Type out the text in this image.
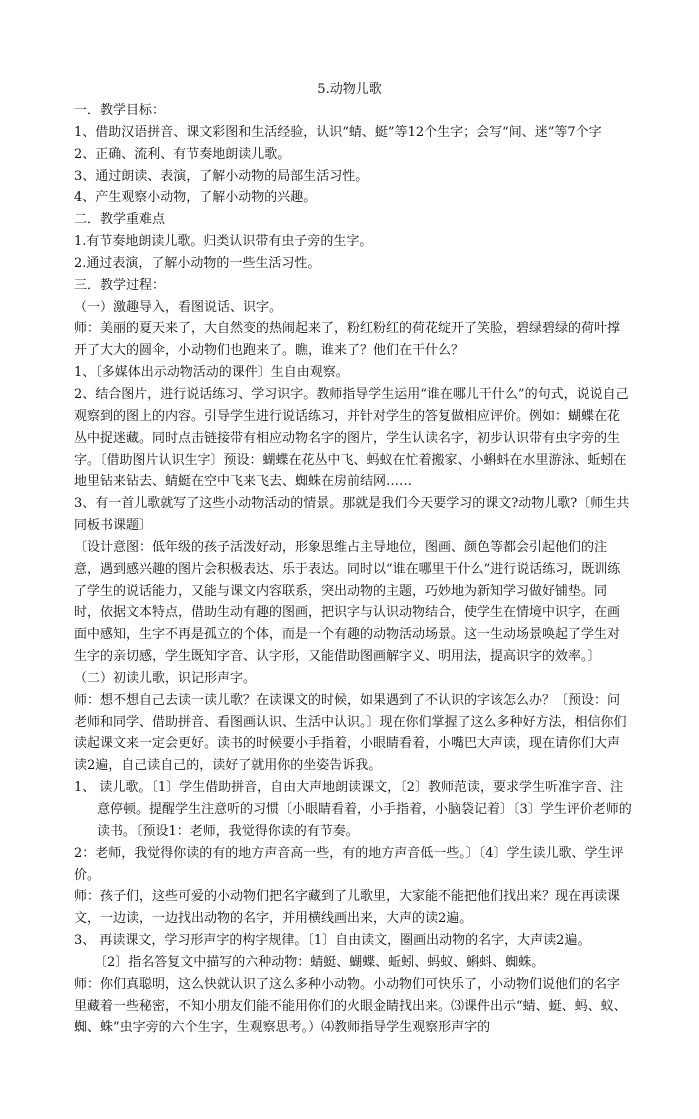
5.动物儿歌

一．教学目标：

1、借助汉语拼音、课文彩图和生活经验，认识“蜻、蜓”等12个生字；会写“间、迷”等7个字

2、正确、流利、有节奏地朗读儿歌。

3、通过朗读、表演，了解小动物的局部生活习性。

4、产生观察小动物，了解小动物的兴趣。

二．教学重难点

1.有节奏地朗读儿歌。归类认识带有虫子旁的生字。

2.通过表演，了解小动物的一些生活习性。

三．教学过程：

（一）激趣导入，看图说话、识字。

师：美丽的夏天来了，大自然变的热闹起来了，粉红粉红的荷花绽开了笑脸，碧绿碧绿的荷叶撑开了大大的圆伞，小动物们也跑来了。瞧，谁来了？他们在干什么？

1、〔多媒体出示动物活动的课件〕生自由观察。

2、结合图片，进行说话练习、学习识字。教师指导学生运用“谁在哪儿干什么”的句式，说说自己观察到的图上的内容。引导学生进行说话练习，并针对学生的答复做相应评价。例如：蝴蝶在花丛中捉迷藏。同时点击链接带有相应动物名字的图片，学生认读名字，初步认识带有虫字旁的生字。〔借助图片认识生字〕预设：蝴蝶在花丛中飞、蚂蚁在忙着搬家、小蝌蚪在水里游泳、蚯蚓在地里钻来钻去、蜻蜓在空中飞来飞去、蜘蛛在房前结网……

3、有一首儿歌就写了这些小动物活动的情景。那就是我们今天要学习的课文?动物儿歌?〔师生共同板书课题〕

〔设计意图：低年级的孩子活泼好动，形象思维占主导地位，图画、颜色等都会引起他们的注意，遇到感兴趣的图片会积极表达、乐于表达。同时以“谁在哪里干什么”进行说话练习，既训练了学生的说话能力，又能与课文内容联系，突出动物的主题，巧妙地为新知学习做好铺垫。同时，依据文本特点，借助生动有趣的图画，把识字与认识动物结合，使学生在情境中识字，在画面中感知，生字不再是孤立的个体，而是一个有趣的动物活动场景。这一生动场景唤起了学生对生字的亲切感，学生既知字音、认字形，又能借助图画解字义、明用法，提高识字的效率。〕

（二）初读儿歌，识记形声字。

师：想不想自己去读一读儿歌？在读课文的时候，如果遇到了不认识的字该怎么办？〔预设：问老师和同学、借助拼音、看图画认识、生活中认识。〕现在你们掌握了这么多种好方法，相信你们读起课文来一定会更好。读书的时候要小手指着，小眼睛看着，小嘴巴大声读，现在请你们大声读2遍，自己读自己的，读好了就用你的坐姿告诉我。

1、 读儿歌。〔1〕学生借助拼音，自由大声地朗读课文，〔2〕教师范读，要求学生听准字音、注意停顿。提醒学生注意听的习惯〔小眼睛看着，小手指着，小脑袋记着〕〔3〕学生评价老师的读书。〔预设1：老师，我觉得你读的有节奏。

2：老师，我觉得你读的有的地方声音高一些，有的地方声音低一些。〕〔4〕学生读儿歌、学生评价。

师：孩子们，这些可爱的小动物们把名字藏到了儿歌里，大家能不能把他们找出来？现在再读课文，一边读，一边找出动物的名字，并用横线画出来，大声的读2遍。

3、 再读课文，学习形声字的构字规律。〔1〕自由读文，圈画出动物的名字，大声读2遍。

〔2〕指名答复文中描写的六种动物：蜻蜓、蝴蝶、蚯蚓、蚂蚁、蝌蚪、蜘蛛。

师：你们真聪明，这么快就认识了这么多种小动物。小动物们可快乐了，小动物们说他们的名字里藏着一些秘密，不知小朋友们能不能用你们的火眼金睛找出来。⑶课件出示“蜻、蜓、蚂、蚁、蜘、蛛”虫字旁的六个生字，生观察思考。）⑷教师指导学生观察形声字的
